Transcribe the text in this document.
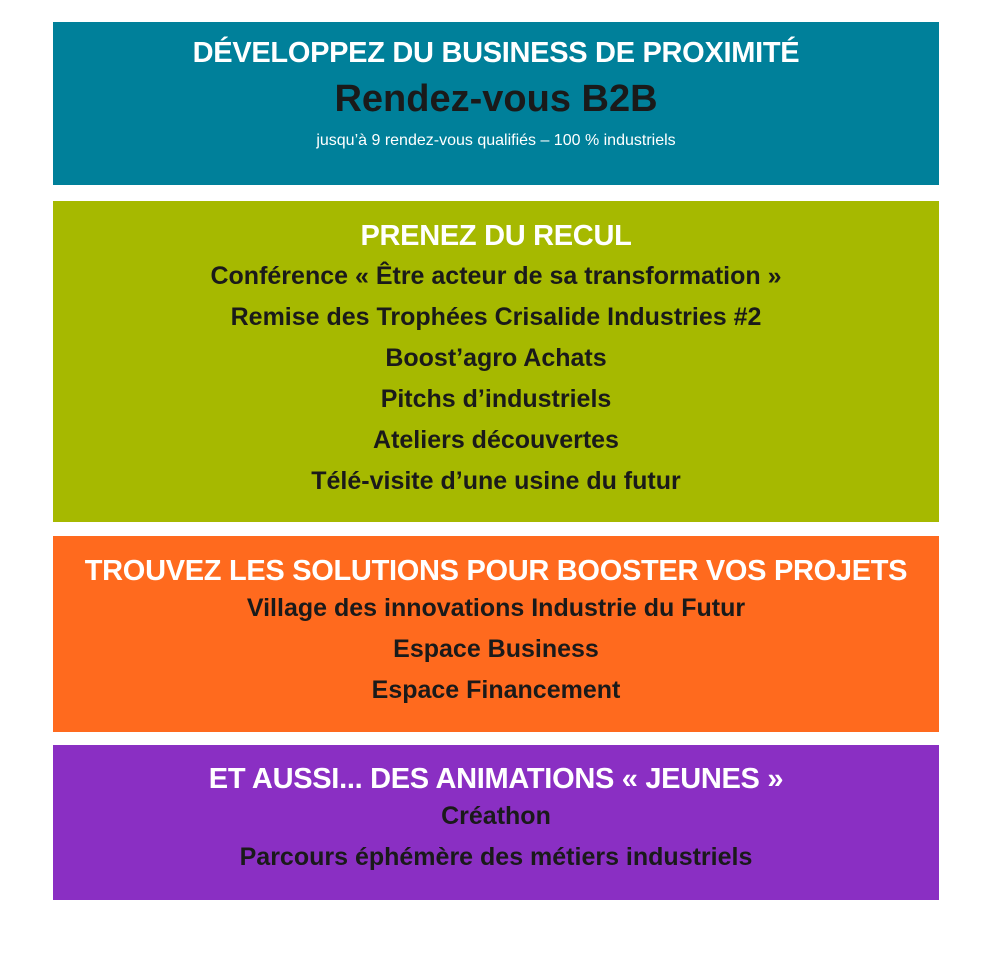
DÉVELOPPEZ DU BUSINESS DE PROXIMITÉ
Rendez-vous B2B
jusqu’à 9 rendez-vous qualifiés – 100 % industriels
PRENEZ DU RECUL
Conférence « Être acteur de sa transformation »
Remise des Trophées Crisalide Industries #2
Boost’agro Achats
Pitchs d’industriels
Ateliers découvertes
Télé-visite d’une usine du futur
TROUVEZ LES SOLUTIONS POUR BOOSTER VOS PROJETS
Village des innovations Industrie du Futur
Espace Business
Espace Financement
ET AUSSI... DES ANIMATIONS « JEUNES »
Créathon
Parcours éphémère des métiers industriels
